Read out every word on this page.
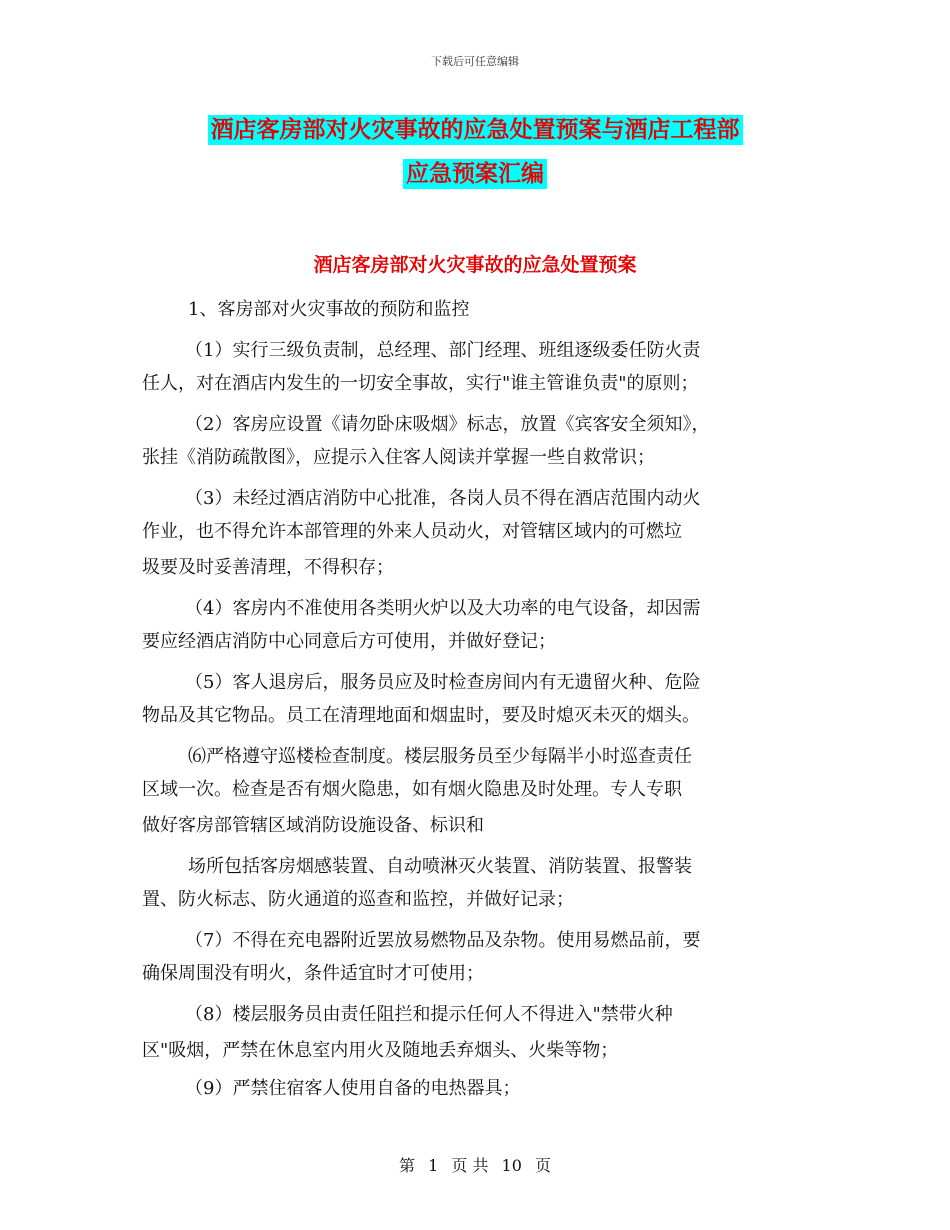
下载后可任意编辑
酒店客房部对火灾事故的应急处置预案与酒店工程部
应急预案汇编
酒店客房部对火灾事故的应急处置预案
1、客房部对火灾事故的预防和监控
（1）实行三级负责制，总经理、部门经理、班组逐级委任防火责
任人，对在酒店内发生的一切安全事故，实行"谁主管谁负责"的原则；
（2）客房应设置《请勿卧床吸烟》标志，放置《宾客安全须知》，
张挂《消防疏散图》，应提示入住客人阅读并掌握一些自救常识；
（3）未经过酒店消防中心批准，各岗人员不得在酒店范围内动火
作业，也不得允许本部管理的外来人员动火，对管辖区域内的可燃垃
圾要及时妥善清理，不得积存；
（4）客房内不准使用各类明火炉以及大功率的电气设备，却因需
要应经酒店消防中心同意后方可使用，并做好登记；
（5）客人退房后，服务员应及时检查房间内有无遗留火种、危险
物品及其它物品。员工在清理地面和烟盅时，要及时熄灭未灭的烟头。
⑹严格遵守巡楼检查制度。楼层服务员至少每隔半小时巡查责任
区域一次。检查是否有烟火隐患，如有烟火隐患及时处理。专人专职
做好客房部管辖区域消防设施设备、标识和
场所包括客房烟感装置、自动喷淋灭火装置、消防装置、报警装
置、防火标志、防火通道的巡查和监控，并做好记录；
（7）不得在充电器附近罢放易燃物品及杂物。使用易燃品前，要
确保周围没有明火，条件适宜时才可使用；
（8）楼层服务员由责任阻拦和提示任何人不得进入"禁带火种
区"吸烟，严禁在休息室内用火及随地丢弃烟头、火柴等物；
（9）严禁住宿客人使用自备的电热器具；
第 1 页 共 10 页
